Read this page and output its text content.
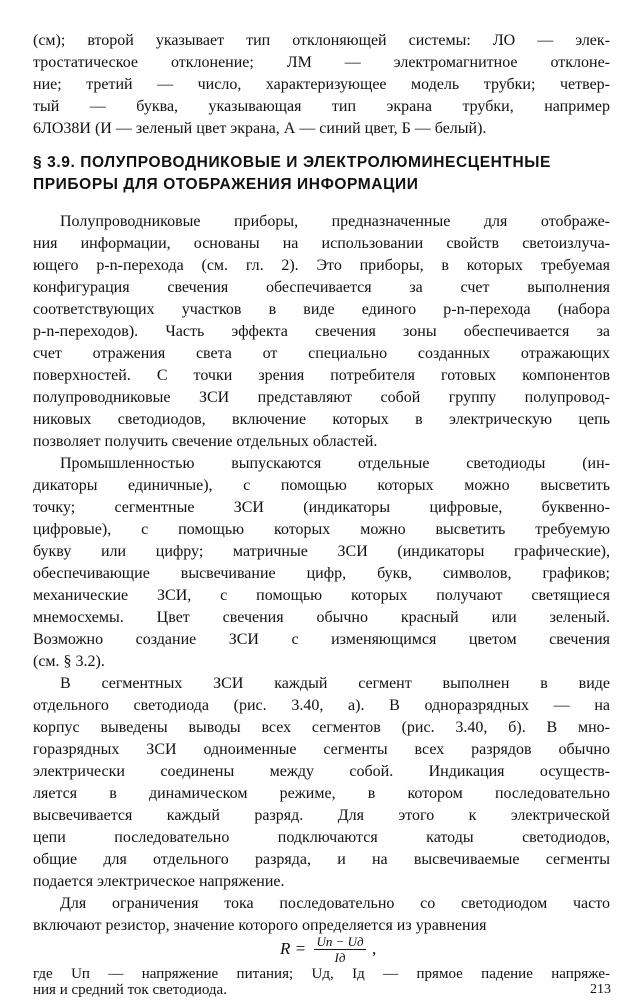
(см); второй указывает тип отклоняющей системы: ЛО — элек-
тростатическое отклонение; ЛМ — электромагнитное отклоне-
ние; третий — число, характеризующее модель трубки; четвер-
тый — буква, указывающая тип экрана трубки, например
6ЛО38И (И — зеленый цвет экрана, А — синий цвет, Б — белый).
§ 3.9. ПОЛУПРОВОДНИКОВЫЕ И ЭЛЕКТРОЛЮМИНЕСЦЕНТНЫЕ
ПРИБОРЫ ДЛЯ ОТОБРАЖЕНИЯ ИНФОРМАЦИИ
Полупроводниковые приборы, предназначенные для отображе-
ния информации, основаны на использовании свойств светоизлуча-
ющего p-n-перехода (см. гл. 2). Это приборы, в которых требуемая
конфигурация свечения обеспечивается за счет выполнения
соответствующих участков в виде единого p-n-перехода (набора
p-n-переходов). Часть эффекта свечения зоны обеспечивается за
счет отражения света от специально созданных отражающих
поверхностей. С точки зрения потребителя готовых компонентов
полупроводниковые ЗСИ представляют собой группу полупровод-
никовых светодиодов, включение которых в электрическую цепь
позволяет получить свечение отдельных областей.
Промышленностью выпускаются отдельные светодиоды (ин-
дикаторы единичные), с помощью которых можно высветить
точку; сегментные ЗСИ (индикаторы цифровые, буквенно-
цифровые), с помощью которых можно высветить требуемую
букву или цифру; матричные ЗСИ (индикаторы графические),
обеспечивающие высвечивание цифр, букв, символов, графиков;
механические ЗСИ, с помощью которых получают светящиеся
мнемосхемы. Цвет свечения обычно красный или зеленый.
Возможно создание ЗСИ с изменяющимся цветом свечения
(см. § 3.2).
В сегментных ЗСИ каждый сегмент выполнен в виде
отдельного светодиода (рис. 3.40, а). В одноразрядных — на
корпус выведены выводы всех сегментов (рис. 3.40, б). В мно-
горазрядных ЗСИ одноименные сегменты всех разрядов обычно
электрически соединены между собой. Индикация осуществ-
ляется в динамическом режиме, в котором последовательно
высвечивается каждый разряд. Для этого к электрической
цепи последовательно подключаются катоды светодиодов,
общие для отдельного разряда, и на высвечиваемые сегменты
подается электрическое напряжение.
Для ограничения тока последовательно со светодиодом часто
включают резистор, значение которого определяется из уравнения
R = Uп − Uд
Iд	,
где Uп — напряжение питания; Uд, Iд — прямое падение напряже-
ния и средний ток светодиода.	213
